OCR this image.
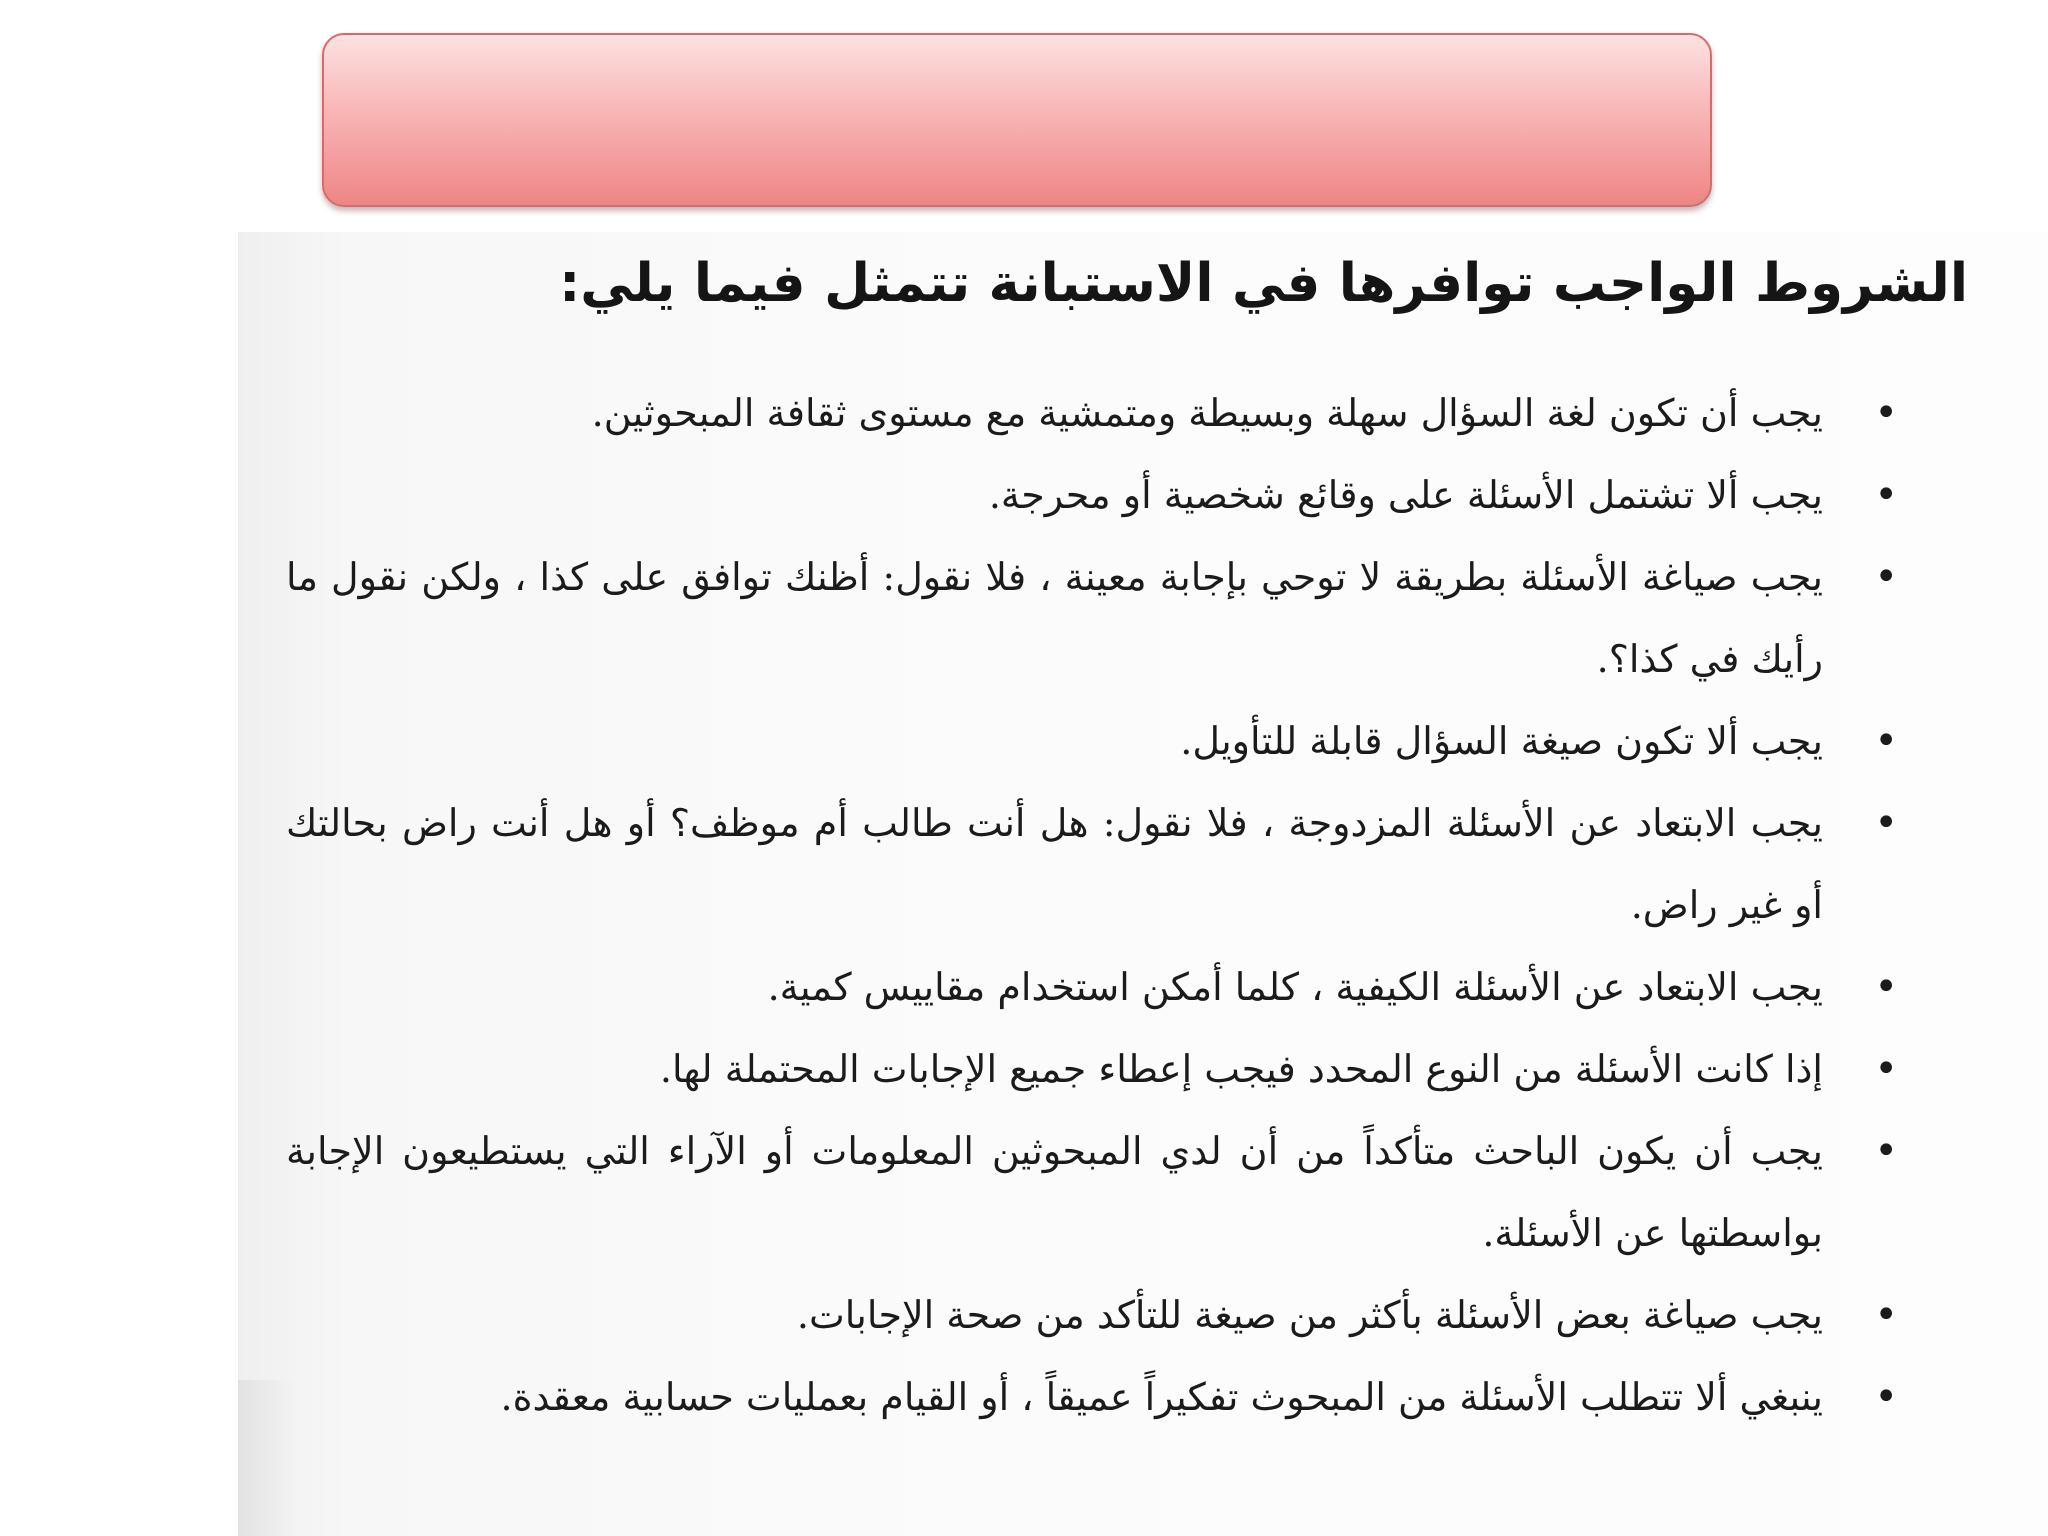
الشروط الواجب توافرها في الاستبانة تتمثل فيما يلي:
•
يجب أن تكون لغة السؤال سهلة وبسيطة ومتمشية مع مستوى ثقافة المبحوثين.
•
يجب ألا تشتمل الأسئلة على وقائع شخصية أو محرجة.
•
يجب صياغة الأسئلة بطريقة لا توحي بإجابة معينة ، فلا نقول: أظنك توافق على كذا ، ولكن نقول ما رأيك في كذا؟.
•
يجب ألا تكون صيغة السؤال قابلة للتأويل.
•
يجب الابتعاد عن الأسئلة المزدوجة ، فلا نقول: هل أنت طالب أم موظف؟ أو هل أنت راض بحالتك أو غير راض.
•
يجب الابتعاد عن الأسئلة الكيفية ، كلما أمكن استخدام مقاييس كمية.
•
إذا كانت الأسئلة من النوع المحدد فيجب إعطاء جميع الإجابات المحتملة لها.
•
يجب أن يكون الباحث متأكداً من أن لدي المبحوثين المعلومات أو الآراء التي يستطيعون الإجابة بواسطتها عن الأسئلة.
•
يجب صياغة بعض الأسئلة بأكثر من صيغة للتأكد من صحة الإجابات.
•
ينبغي ألا تتطلب الأسئلة من المبحوث تفكيراً عميقاً ، أو القيام بعمليات حسابية معقدة.
